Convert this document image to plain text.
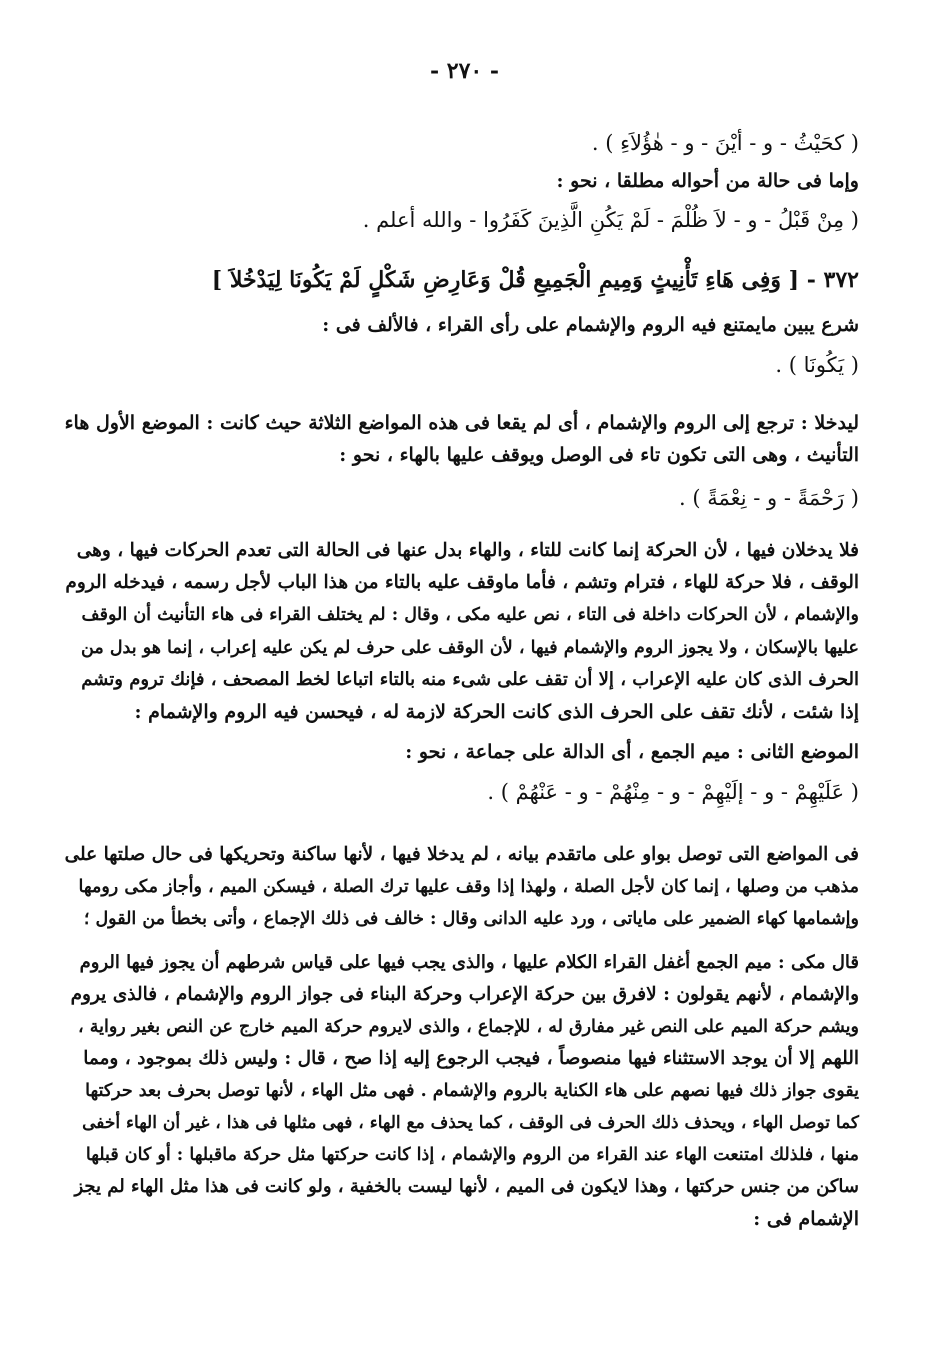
- ٢٧٠ -
( كحَيْثُ - و - أيْنَ - و - هٰؤُلاَءِ ) .
وإما فى حالة من أحواله مطلقا ، نحو :
( مِنْ قَبْلُ - و - لاَ ظُلْمَ - لَمْ يَكُنِ الَّذِينَ كَفَرُوا - والله أعلم .
٣٧٢ - [ وَفِى هَاءِ تَأْنِيثٍ وَمِيمِ الْجَمِيعِ قُلْ وَعَارِضِ شَكْلٍ لَمْ يَكُونَا لِيَدْخُلاَ ]
شرع يبين مايمتنع فيه الروم والإشمام على رأى القراء ، فالألف فى :
( يَكُونَا ) .
ليدخلا : ترجع إلى الروم والإشمام ، أى لم يقعا فى هذه المواضع الثلاثة حيث كانت : الموضع الأول هاء
التأنيث ، وهى التى تكون تاء فى الوصل ويوقف عليها بالهاء ، نحو :
( رَحْمَةً - و - نِعْمَةً ) .
فلا يدخلان فيها ، لأن الحركة إنما كانت للتاء ، والهاء بدل عنها فى الحالة التى تعدم الحركات فيها ، وهى
الوقف ، فلا حركة للهاء ، فترام وتشم ، فأما ماوقف عليه بالتاء من هذا الباب لأجل رسمه ، فيدخله الروم
والإشمام ، لأن الحركات داخلة فى التاء ، نص عليه مكى ، وقال : لم يختلف القراء فى هاء التأنيث أن الوقف
عليها بالإسكان ، ولا يجوز الروم والإشمام فيها ، لأن الوقف على حرف لم يكن عليه إعراب ، إنما هو بدل من
الحرف الذى كان عليه الإعراب ، إلا أن تقف على شىء منه بالتاء اتباعا لخط المصحف ، فإنك تروم وتشم
إذا شئت ، لأنك تقف على الحرف الذى كانت الحركة لازمة له ، فيحسن فيه الروم والإشمام :
الموضع الثانى : ميم الجمع ، أى الدالة على جماعة ، نحو :
( عَلَيْهِمْ - و - إلَيْهِمْ - و - مِنْهُمْ - و - عَنْهُمْ ) .
فى المواضع التى توصل بواو على ماتقدم بيانه ، لم يدخلا فيها ، لأنها ساكنة وتحريكها فى حال صلتها على
مذهب من وصلها ، إنما كان لأجل الصلة ، ولهذا إذا وقف عليها ترك الصلة ، فيسكن الميم ، وأجاز مكى رومها
وإشمامها كهاء الضمير على ماياتى ، ورد عليه الدانى وقال : خالف فى ذلك الإجماع ، وأتى بخطأ من القول ؛
قال مكى : ميم الجمع أغفل القراء الكلام عليها ، والذى يجب فيها على قياس شرطهم أن يجوز فيها الروم
والإشمام ، لأنهم يقولون : لافرق بين حركة الإعراب وحركة البناء فى جواز الروم والإشمام ، فالذى يروم
ويشم حركة الميم على النص غير مفارق له ، للإجماع ، والذى لايروم حركة الميم خارج عن النص بغير رواية ،
اللهم إلا أن يوجد الاستثناء فيها منصوصاً ، فيجب الرجوع إليه إذا صح ، قال : وليس ذلك بموجود ، ومما
يقوى جواز ذلك فيها نصهم على هاء الكناية بالروم والإشمام . فهى مثل الهاء ، لأنها توصل بحرف بعد حركتها
كما توصل الهاء ، ويحذف ذلك الحرف فى الوقف ، كما يحذف مع الهاء ، فهى مثلها فى هذا ، غير أن الهاء أخفى
منها ، فلذلك امتنعت الهاء عند القراء من الروم والإشمام ، إذا كانت حركتها مثل حركة ماقبلها : أو كان قبلها
ساكن من جنس حركتها ، وهذا لايكون فى الميم ، لأنها ليست بالخفية ، ولو كانت فى هذا مثل الهاء لم يجز
الإشمام فى :
